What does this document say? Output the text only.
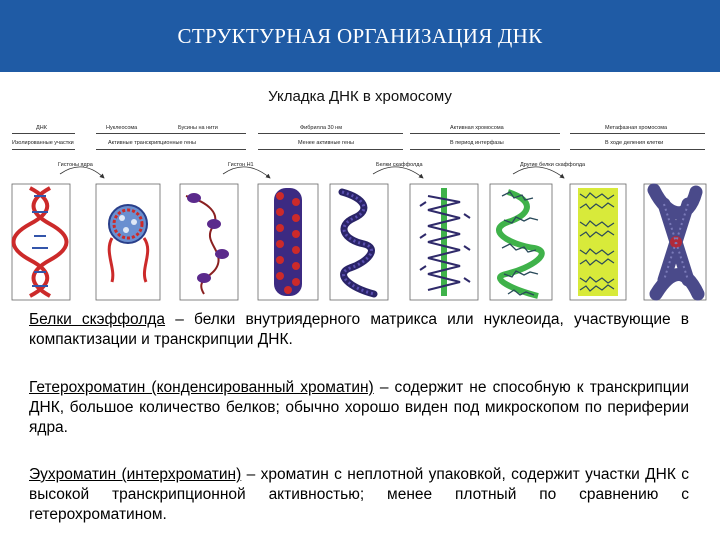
СТРУКТУРНАЯ ОРГАНИЗАЦИЯ ДНК
Укладка ДНК в хромосому
ДНК	Нуклеосома	Бусины на нити	Фибрилла 30 нм	Активная хромосома	Метафазная хромосома
Изолированные участки	Активные транскрипционные гены	Менее активные гены	В период интерфазы	В ходе деления клетки
Гистоны ядра	Гистон H1	Белки скаффолда	Другие белки скаффолда
Белки скэффолда – белки внутриядерного матрикса или нуклеоида, участвующие в компактизации и транскрипции ДНК.
Гетерохроматин (конденсированный хроматин) – содержит не способную к транскрипции ДНК, большое количество белков; обычно хорошо виден под микроскопом по периферии ядра.
Эухроматин (интерхроматин) – хроматин с неплотной упаковкой, содержит участки ДНК с высокой транскрипционной активностью; менее плотный по сравнению с гетерохроматином.
